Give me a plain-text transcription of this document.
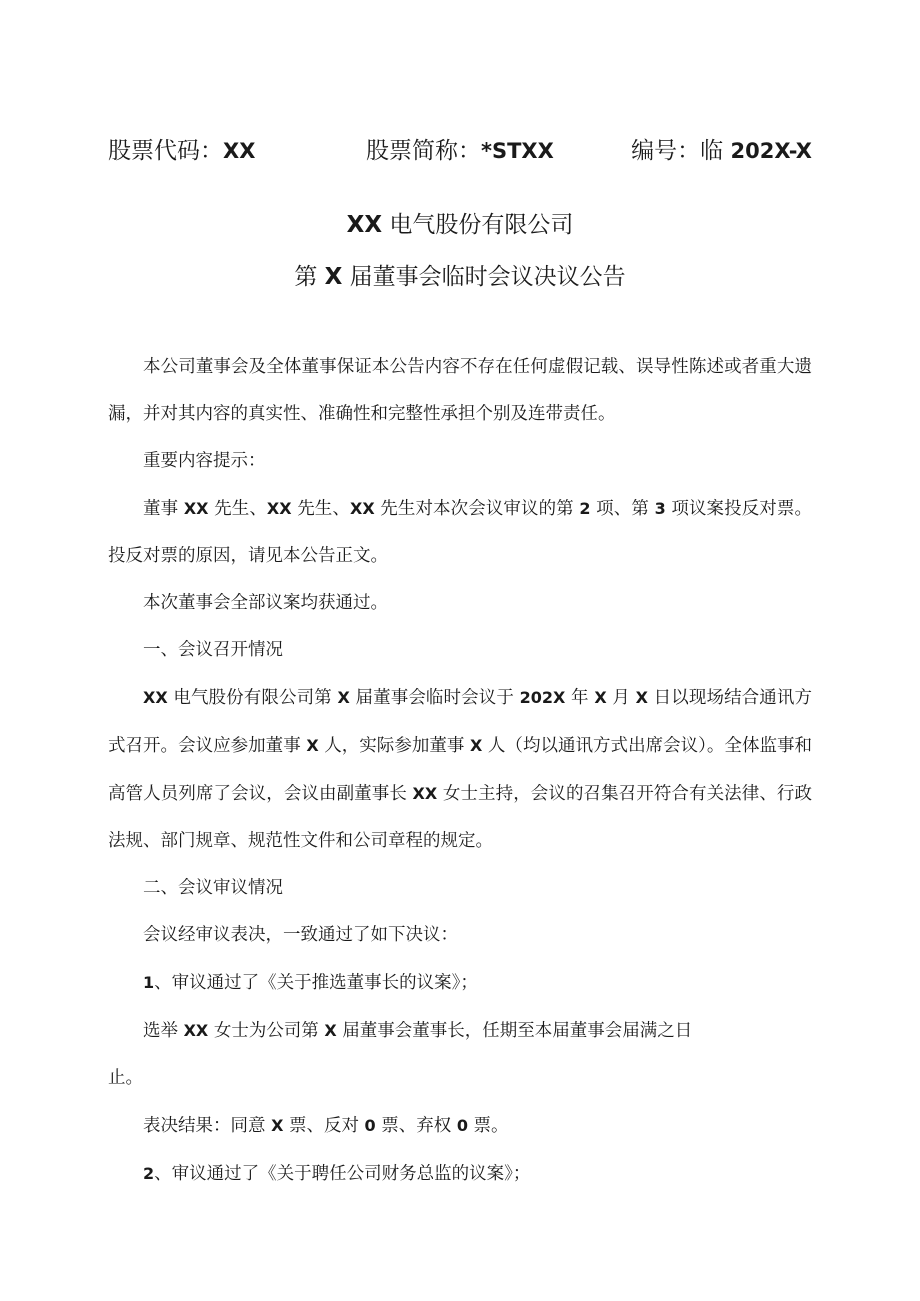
股票代码：XX	股票简称：*STXX	编号：临 202X-X
XX 电气股份有限公司
第 X 届董事会临时会议决议公告

本公司董事会及全体董事保证本公告内容不存在任何虚假记载、误导性陈述或者重大遗漏，并对其内容的真实性、准确性和完整性承担个别及连带责任。

重要内容提示：

董事 XX 先生、XX 先生、XX 先生对本次会议审议的第 2 项、第 3 项议案投反对票。投反对票的原因，请见本公告正文。

本次董事会全部议案均获通过。

一、会议召开情况

XX 电气股份有限公司第 X 届董事会临时会议于 202X 年 X 月 X 日以现场结合通讯方式召开。会议应参加董事 X 人，实际参加董事 X 人（均以通讯方式出席会议）。全体监事和高管人员列席了会议，会议由副董事长 XX 女士主持，会议的召集召开符合有关法律、行政法规、部门规章、规范性文件和公司章程的规定。

二、会议审议情况

会议经审议表决，一致通过了如下决议：

1、审议通过了《关于推选董事长的议案》；

选举 XX 女士为公司第 X 届董事会董事长，任期至本届董事会届满之日

止。

表决结果：同意 X 票、反对 0 票、弃权 0 票。

2、审议通过了《关于聘任公司财务总监的议案》；
